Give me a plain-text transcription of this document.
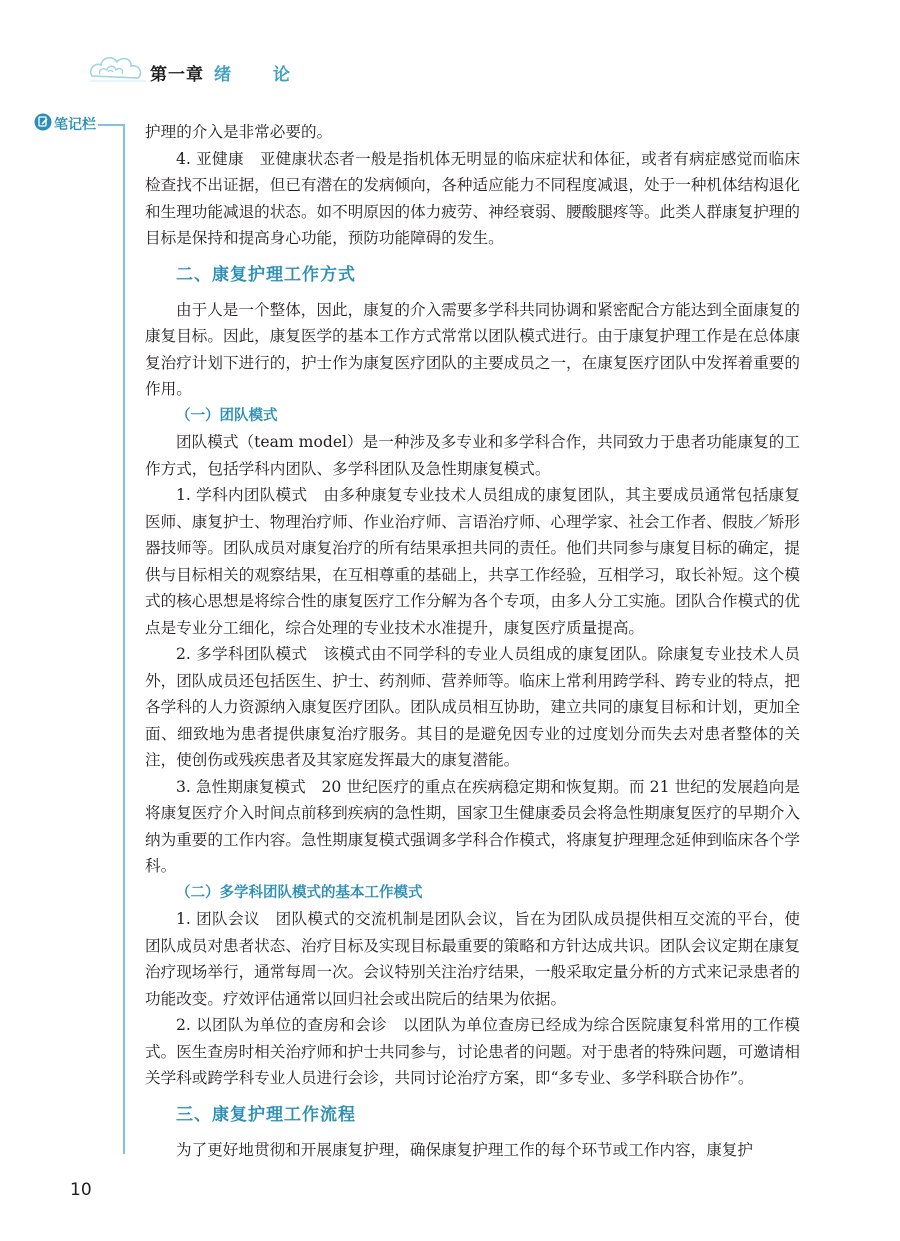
第一章 绪 论
笔记栏	护理的介入是非常必要的。

4. 亚健康　亚健康状态者一般是指机体无明显的临床症状和体征，或者有病症感觉而临床检查找不出证据，但已有潜在的发病倾向，各种适应能力不同程度减退，处于一种机体结构退化和生理功能减退的状态。如不明原因的体力疲劳、神经衰弱、腰酸腿疼等。此类人群康复护理的目标是保持和提高身心功能，预防功能障碍的发生。

二、康复护理工作方式

由于人是一个整体，因此，康复的介入需要多学科共同协调和紧密配合方能达到全面康复的康复目标。因此，康复医学的基本工作方式常常以团队模式进行。由于康复护理工作是在总体康复治疗计划下进行的，护士作为康复医疗团队的主要成员之一，在康复医疗团队中发挥着重要的作用。

（一）团队模式

团队模式（team model）是一种涉及多专业和多学科合作，共同致力于患者功能康复的工作方式，包括学科内团队、多学科团队及急性期康复模式。

1. 学科内团队模式　由多种康复专业技术人员组成的康复团队，其主要成员通常包括康复医师、康复护士、物理治疗师、作业治疗师、言语治疗师、心理学家、社会工作者、假肢／矫形器技师等。团队成员对康复治疗的所有结果承担共同的责任。他们共同参与康复目标的确定，提供与目标相关的观察结果，在互相尊重的基础上，共享工作经验，互相学习，取长补短。这个模式的核心思想是将综合性的康复医疗工作分解为各个专项，由多人分工实施。团队合作模式的优点是专业分工细化，综合处理的专业技术水准提升，康复医疗质量提高。

2. 多学科团队模式　该模式由不同学科的专业人员组成的康复团队。除康复专业技术人员外，团队成员还包括医生、护士、药剂师、营养师等。临床上常利用跨学科、跨专业的特点，把各学科的人力资源纳入康复医疗团队。团队成员相互协助，建立共同的康复目标和计划，更加全面、细致地为患者提供康复治疗服务。其目的是避免因专业的过度划分而失去对患者整体的关注，使创伤或残疾患者及其家庭发挥最大的康复潜能。

3. 急性期康复模式　20 世纪医疗的重点在疾病稳定期和恢复期。而 21 世纪的发展趋向是将康复医疗介入时间点前移到疾病的急性期，国家卫生健康委员会将急性期康复医疗的早期介入纳为重要的工作内容。急性期康复模式强调多学科合作模式，将康复护理理念延伸到临床各个学科。

（二）多学科团队模式的基本工作模式

1. 团队会议　团队模式的交流机制是团队会议，旨在为团队成员提供相互交流的平台，使团队成员对患者状态、治疗目标及实现目标最重要的策略和方针达成共识。团队会议定期在康复治疗现场举行，通常每周一次。会议特别关注治疗结果，一般采取定量分析的方式来记录患者的功能改变。疗效评估通常以回归社会或出院后的结果为依据。

2. 以团队为单位的查房和会诊　以团队为单位查房已经成为综合医院康复科常用的工作模式。医生查房时相关治疗师和护士共同参与，讨论患者的问题。对于患者的特殊问题，可邀请相关学科或跨学科专业人员进行会诊，共同讨论治疗方案，即“多专业、多学科联合协作”。

三、康复护理工作流程

为了更好地贯彻和开展康复护理，确保康复护理工作的每个环节或工作内容，康复护

10
